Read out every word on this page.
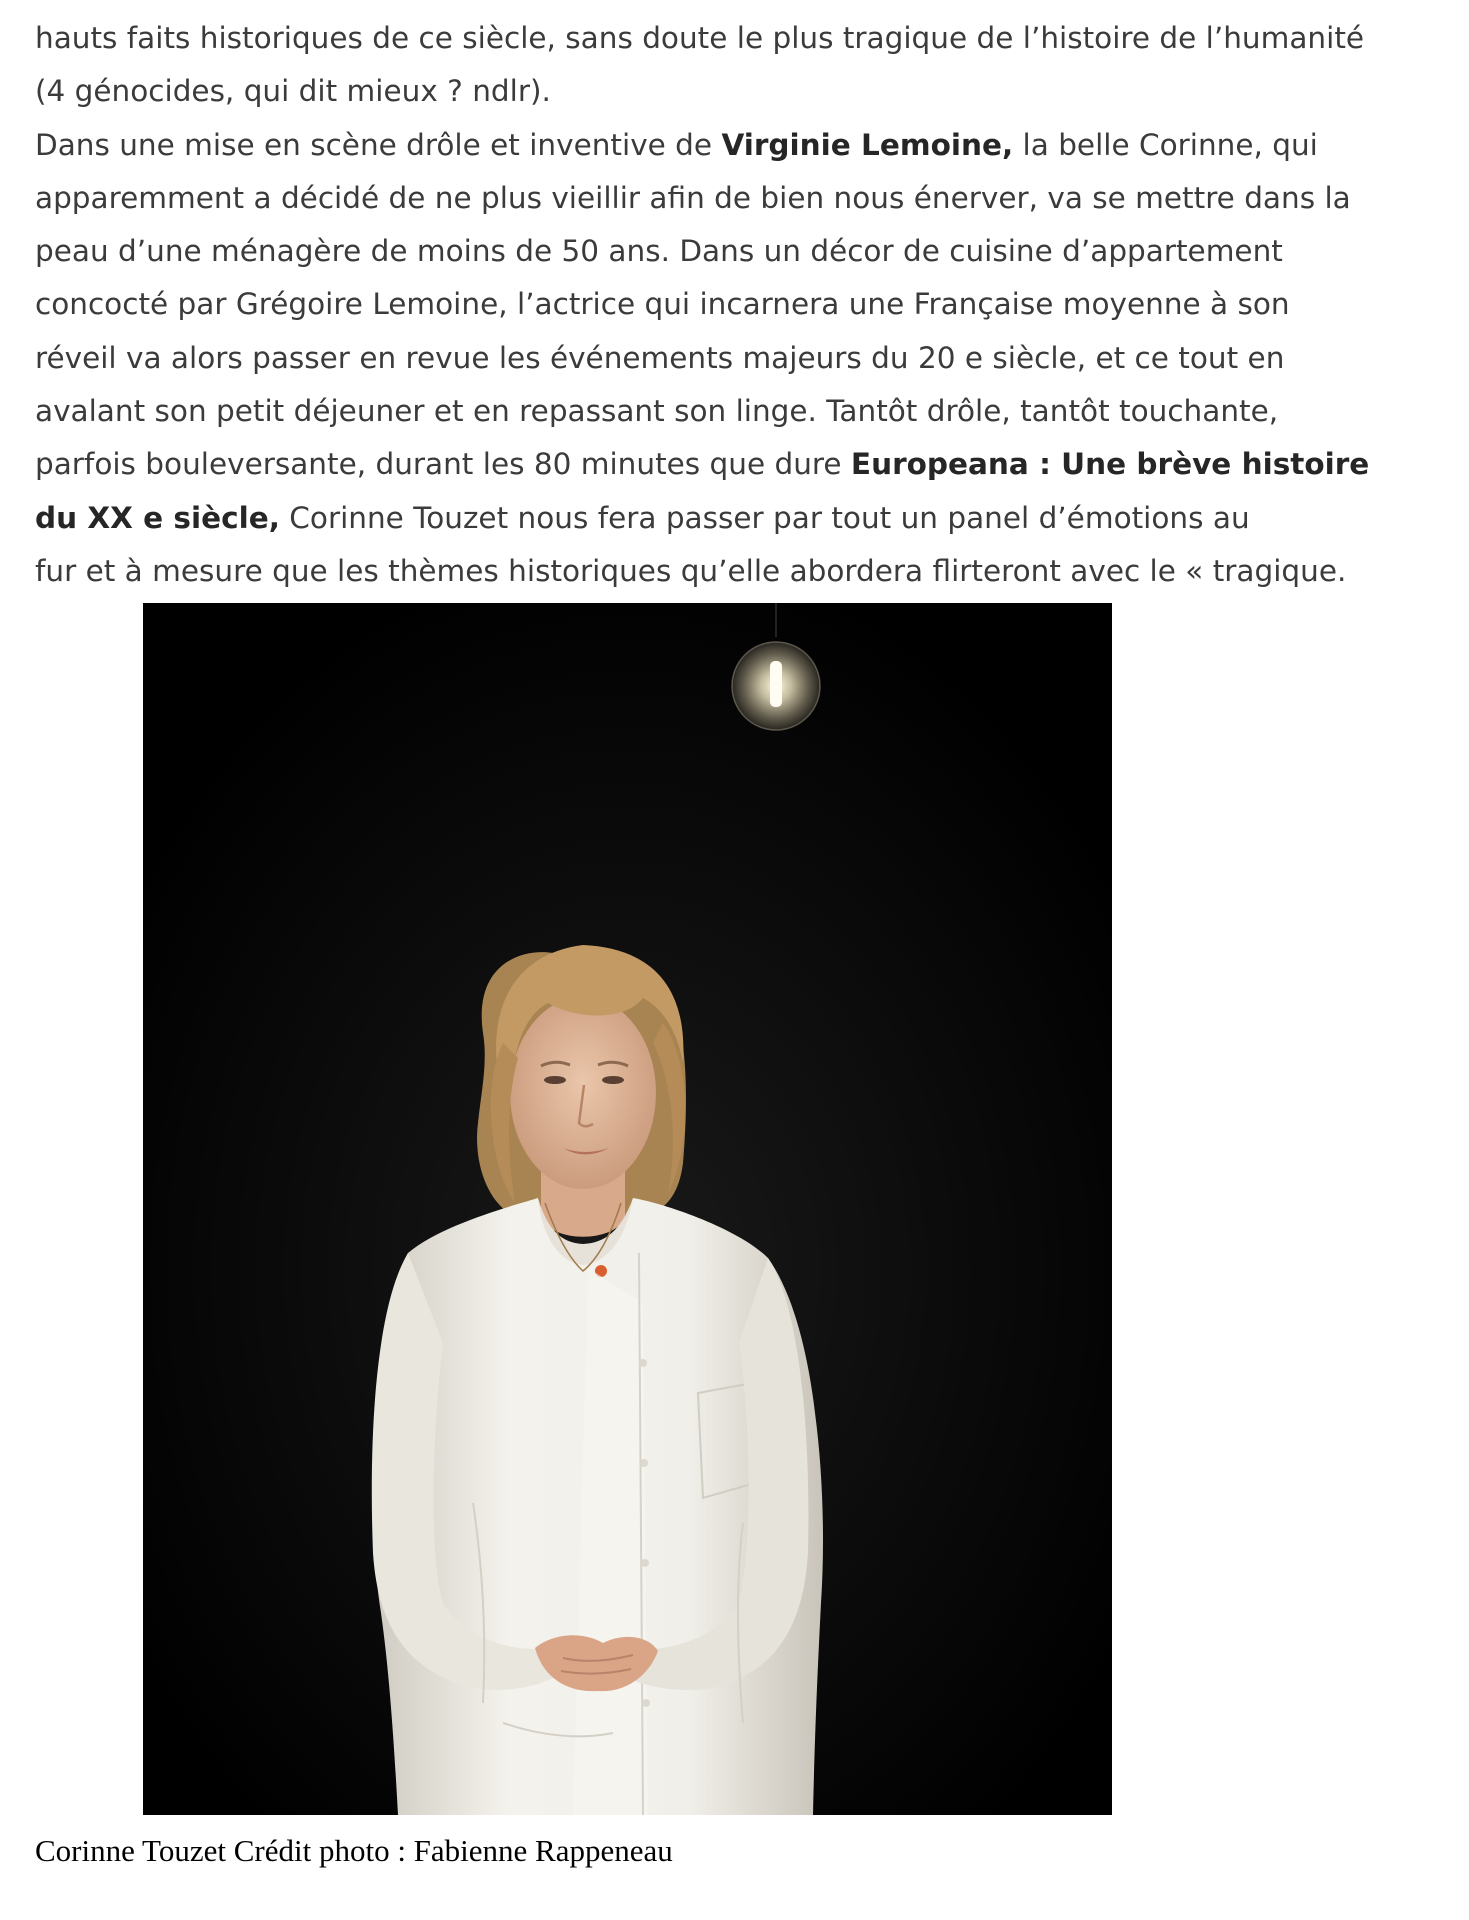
hauts faits historiques de ce siècle, sans doute le plus tragique de l’histoire de l’humanité

(4 génocides, qui dit mieux ? ndlr).

Dans une mise en scène drôle et inventive de Virginie Lemoine, la belle Corinne, qui

apparemment a décidé de ne plus vieillir afin de bien nous énerver, va se mettre dans la

peau d’une ménagère de moins de 50 ans. Dans un décor de cuisine d’appartement

concocté par Grégoire Lemoine, l’actrice qui incarnera une Française moyenne à son

réveil va alors passer en revue les événements majeurs du 20 e siècle, et ce tout en

avalant son petit déjeuner et en repassant son linge. Tantôt drôle, tantôt touchante,

parfois bouleversante, durant les 80 minutes que dure Europeana : Une brève histoire

du XX e siècle, Corinne Touzet nous fera passer par tout un panel d’émotions au

fur et à mesure que les thèmes historiques qu’elle abordera flirteront avec le « tragique.

Corinne Touzet Crédit photo : Fabienne Rappeneau
